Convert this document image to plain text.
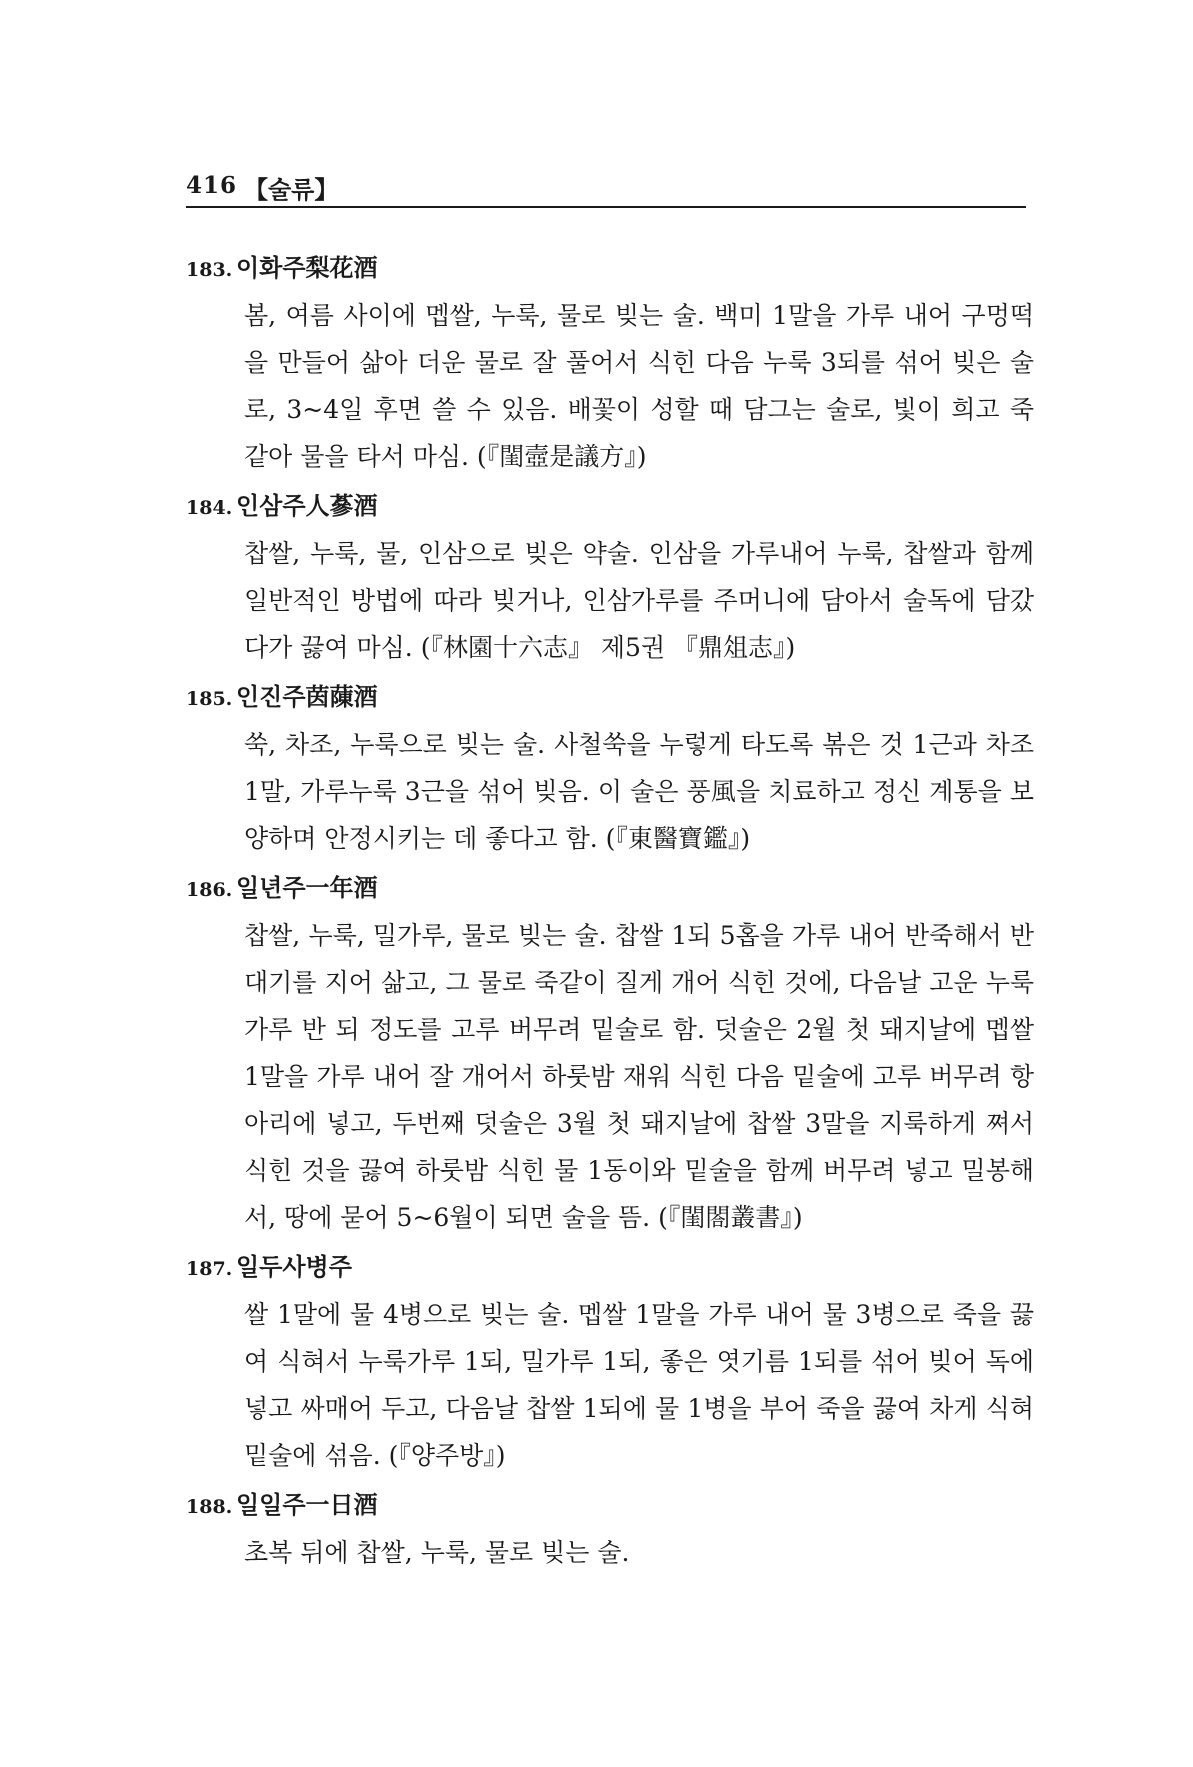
416 【술류】
183. 이화주梨花酒
봄, 여름 사이에 멥쌀, 누룩, 물로 빚는 술. 백미 1말을 가루 내어 구멍떡을 만들어 삶아 더운 물로 잘 풀어서 식힌 다음 누룩 3되를 섞어 빚은 술로, 3~4일 후면 쓸 수 있음. 배꽃이 성할 때 담그는 술로, 빛이 희고 죽 같아 물을 타서 마심. (『閨壼是議方』)
184. 인삼주人蔘酒
찹쌀, 누룩, 물, 인삼으로 빚은 약술. 인삼을 가루내어 누룩, 찹쌀과 함께 일반적인 방법에 따라 빚거나, 인삼가루를 주머니에 담아서 술독에 담갔다가 끓여 마심. (『林園十六志』 제5권 『鼎俎志』)
185. 인진주茵蔯酒
쑥, 차조, 누룩으로 빚는 술. 사철쑥을 누렇게 타도록 볶은 것 1근과 차조 1말, 가루누룩 3근을 섞어 빚음. 이 술은 풍風을 치료하고 정신 계통을 보양하며 안정시키는 데 좋다고 함. (『東醫寶鑑』)
186. 일년주一年酒
찹쌀, 누룩, 밀가루, 물로 빚는 술. 찹쌀 1되 5홉을 가루 내어 반죽해서 반대기를 지어 삶고, 그 물로 죽같이 질게 개어 식힌 것에, 다음날 고운 누룩가루 반 되 정도를 고루 버무려 밑술로 함. 덧술은 2월 첫 돼지날에 멥쌀 1말을 가루 내어 잘 개어서 하룻밤 재워 식힌 다음 밑술에 고루 버무려 항아리에 넣고, 두번째 덧술은 3월 첫 돼지날에 찹쌀 3말을 지룩하게 쪄서 식힌 것을 끓여 하룻밤 식힌 물 1동이와 밑술을 함께 버무려 넣고 밀봉해서, 땅에 묻어 5~6월이 되면 술을 뜸. (『閨閤叢書』)
187. 일두사병주
쌀 1말에 물 4병으로 빚는 술. 멥쌀 1말을 가루 내어 물 3병으로 죽을 끓여 식혀서 누룩가루 1되, 밀가루 1되, 좋은 엿기름 1되를 섞어 빚어 독에 넣고 싸매어 두고, 다음날 찹쌀 1되에 물 1병을 부어 죽을 끓여 차게 식혀 밑술에 섞음. (『양주방』)
188. 일일주一日酒
초복 뒤에 찹쌀, 누룩, 물로 빚는 술.
